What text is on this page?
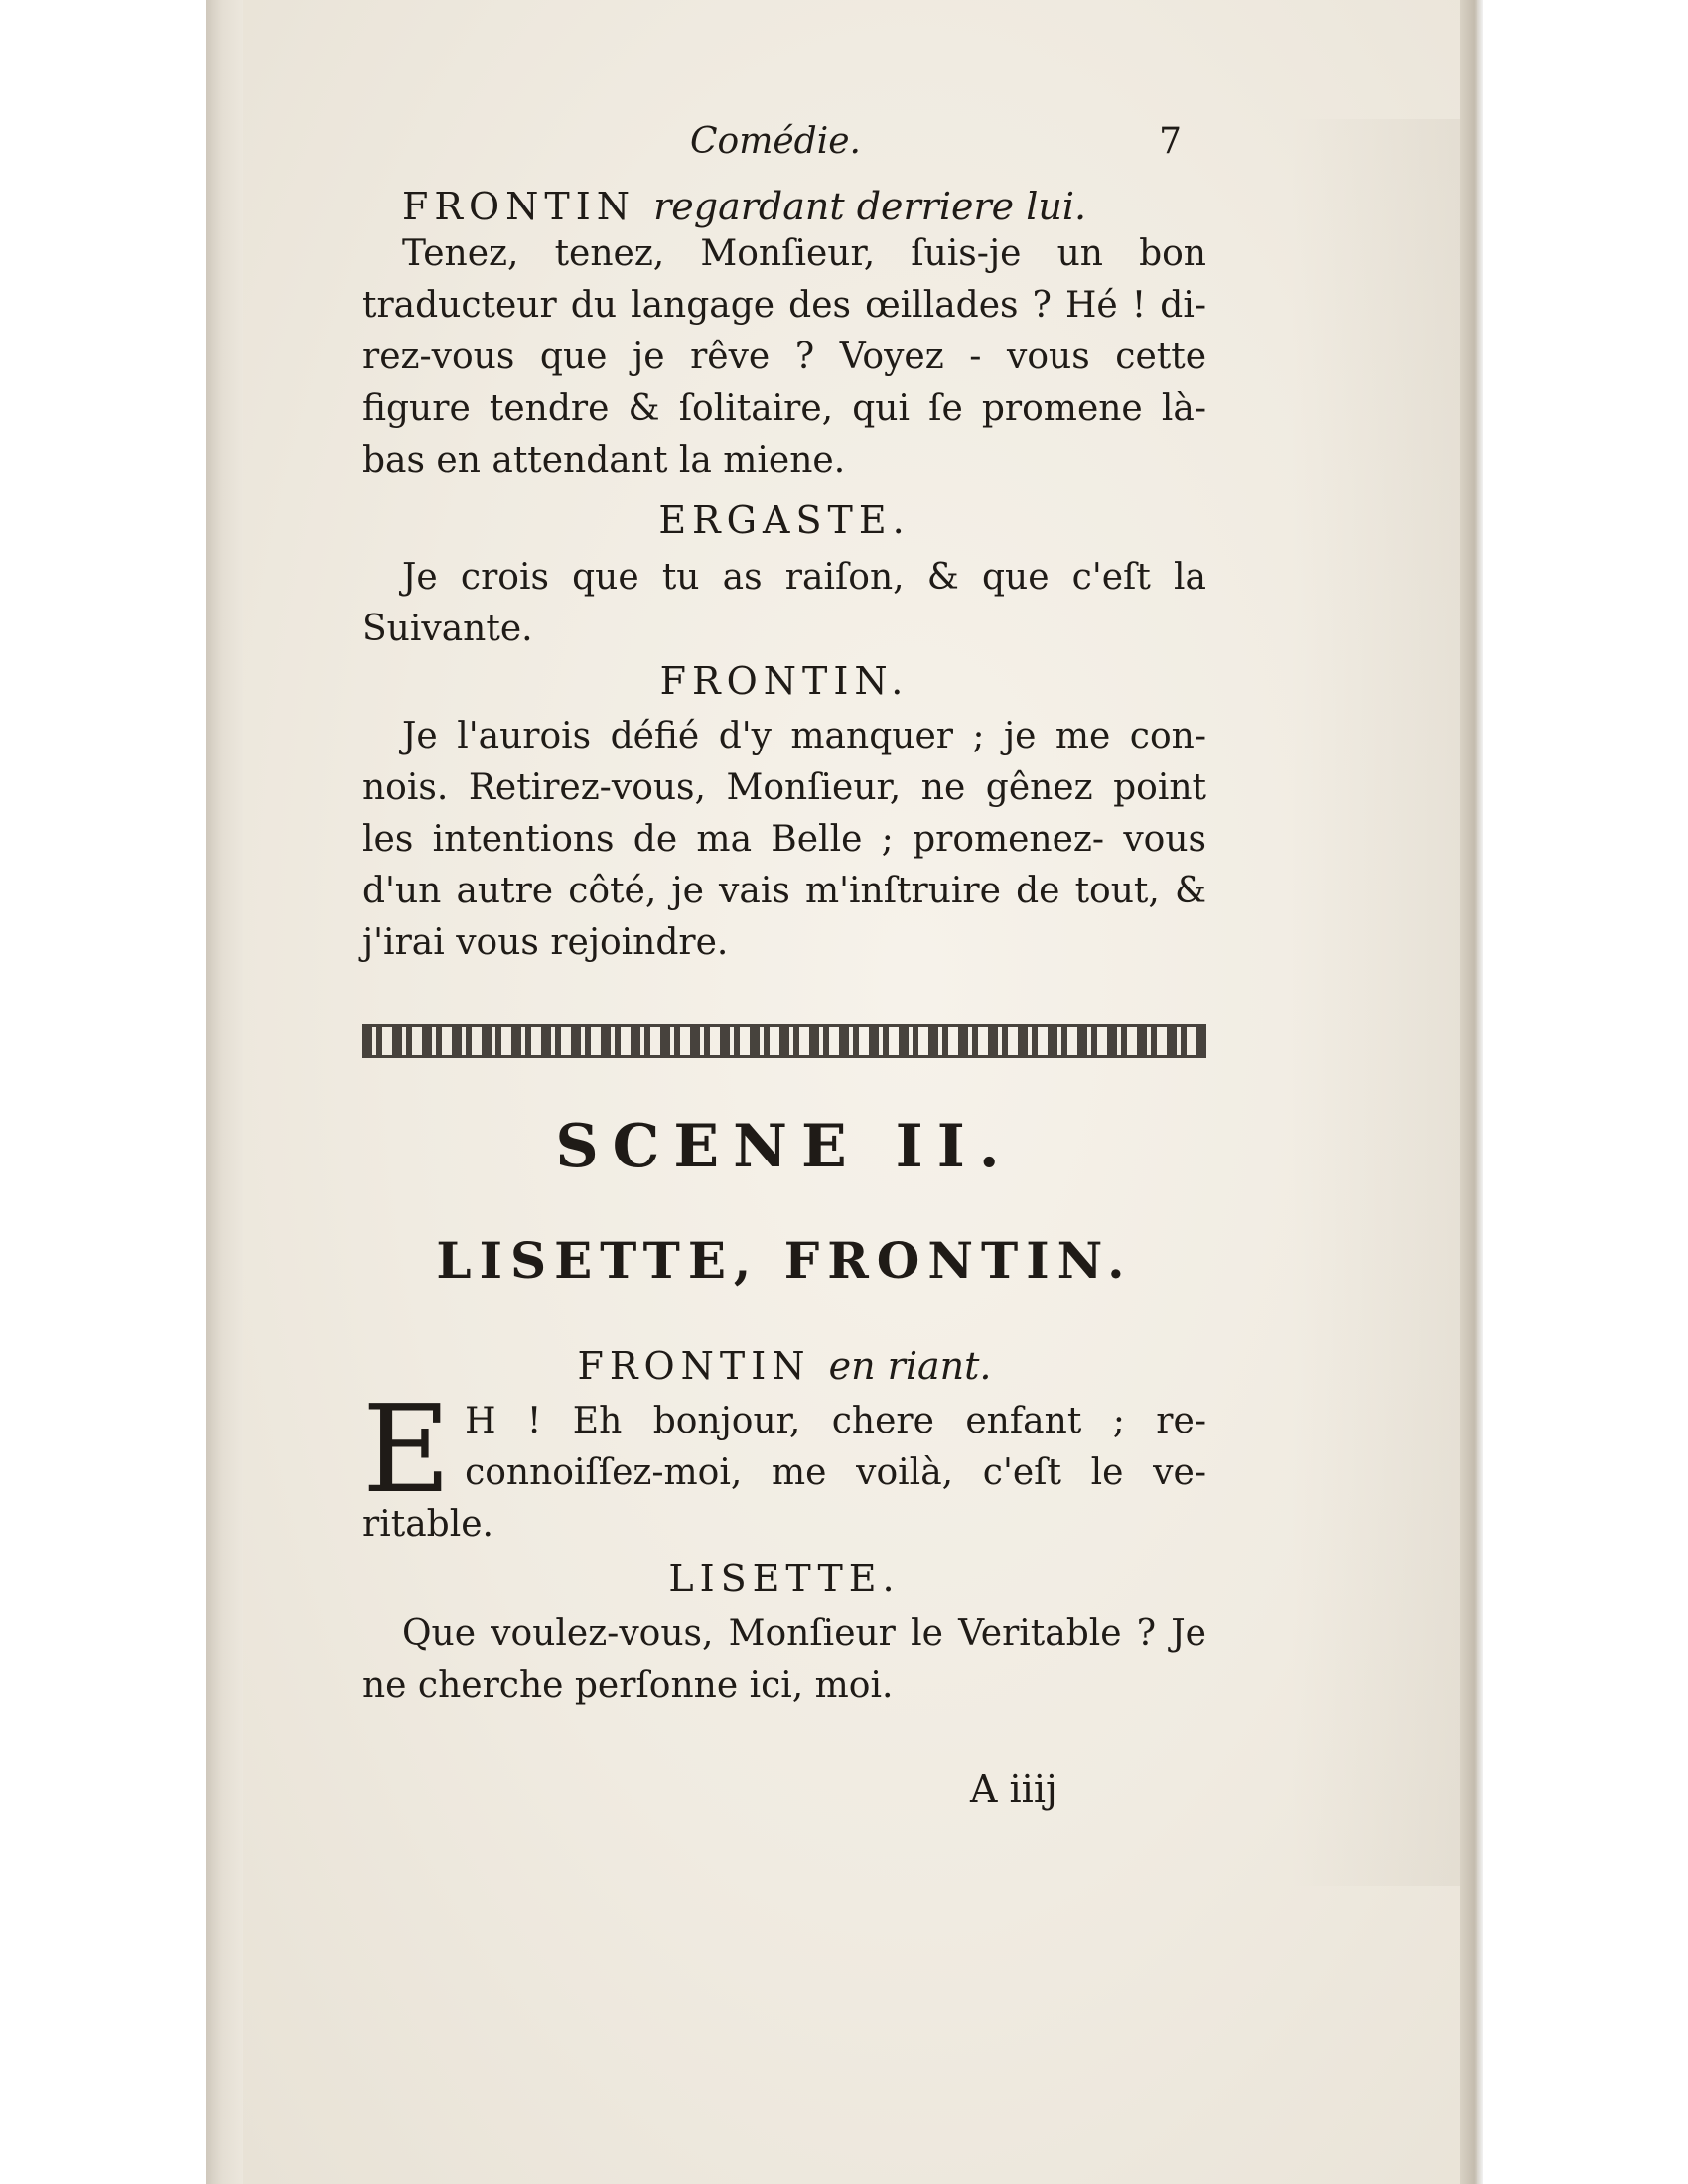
Comédie.	7
FRONTIN regardant derriere lui.
Tenez, tenez, Monſieur, ſuis-je un bon traducteur du langage des œillades ? Hé ! di- rez-vous que je rêve ? Voyez - vous cette figure tendre & ſolitaire, qui ſe promene là- bas en attendant la miene.
ERGASTE.
Je crois que tu as raiſon, & que c'eſt la Suivante.
FRONTIN.
Je l'aurois défié d'y manquer ; je me con- nois. Retirez-vous, Monſieur, ne gênez point les intentions de ma Belle ; promenez- vous d'un autre côté, je vais m'inſtruire de tout, & j'irai vous rejoindre.
SCENE II.
LISETTE, FRONTIN.
FRONTIN en riant.
E H ! Eh bonjour, chere enfant ; re- connoiſſez-moi, me voilà, c'eſt le ve- ritable.
LISETTE.
Que voulez-vous, Monſieur le Veritable ? Je ne cherche perſonne ici, moi.
A iiij
